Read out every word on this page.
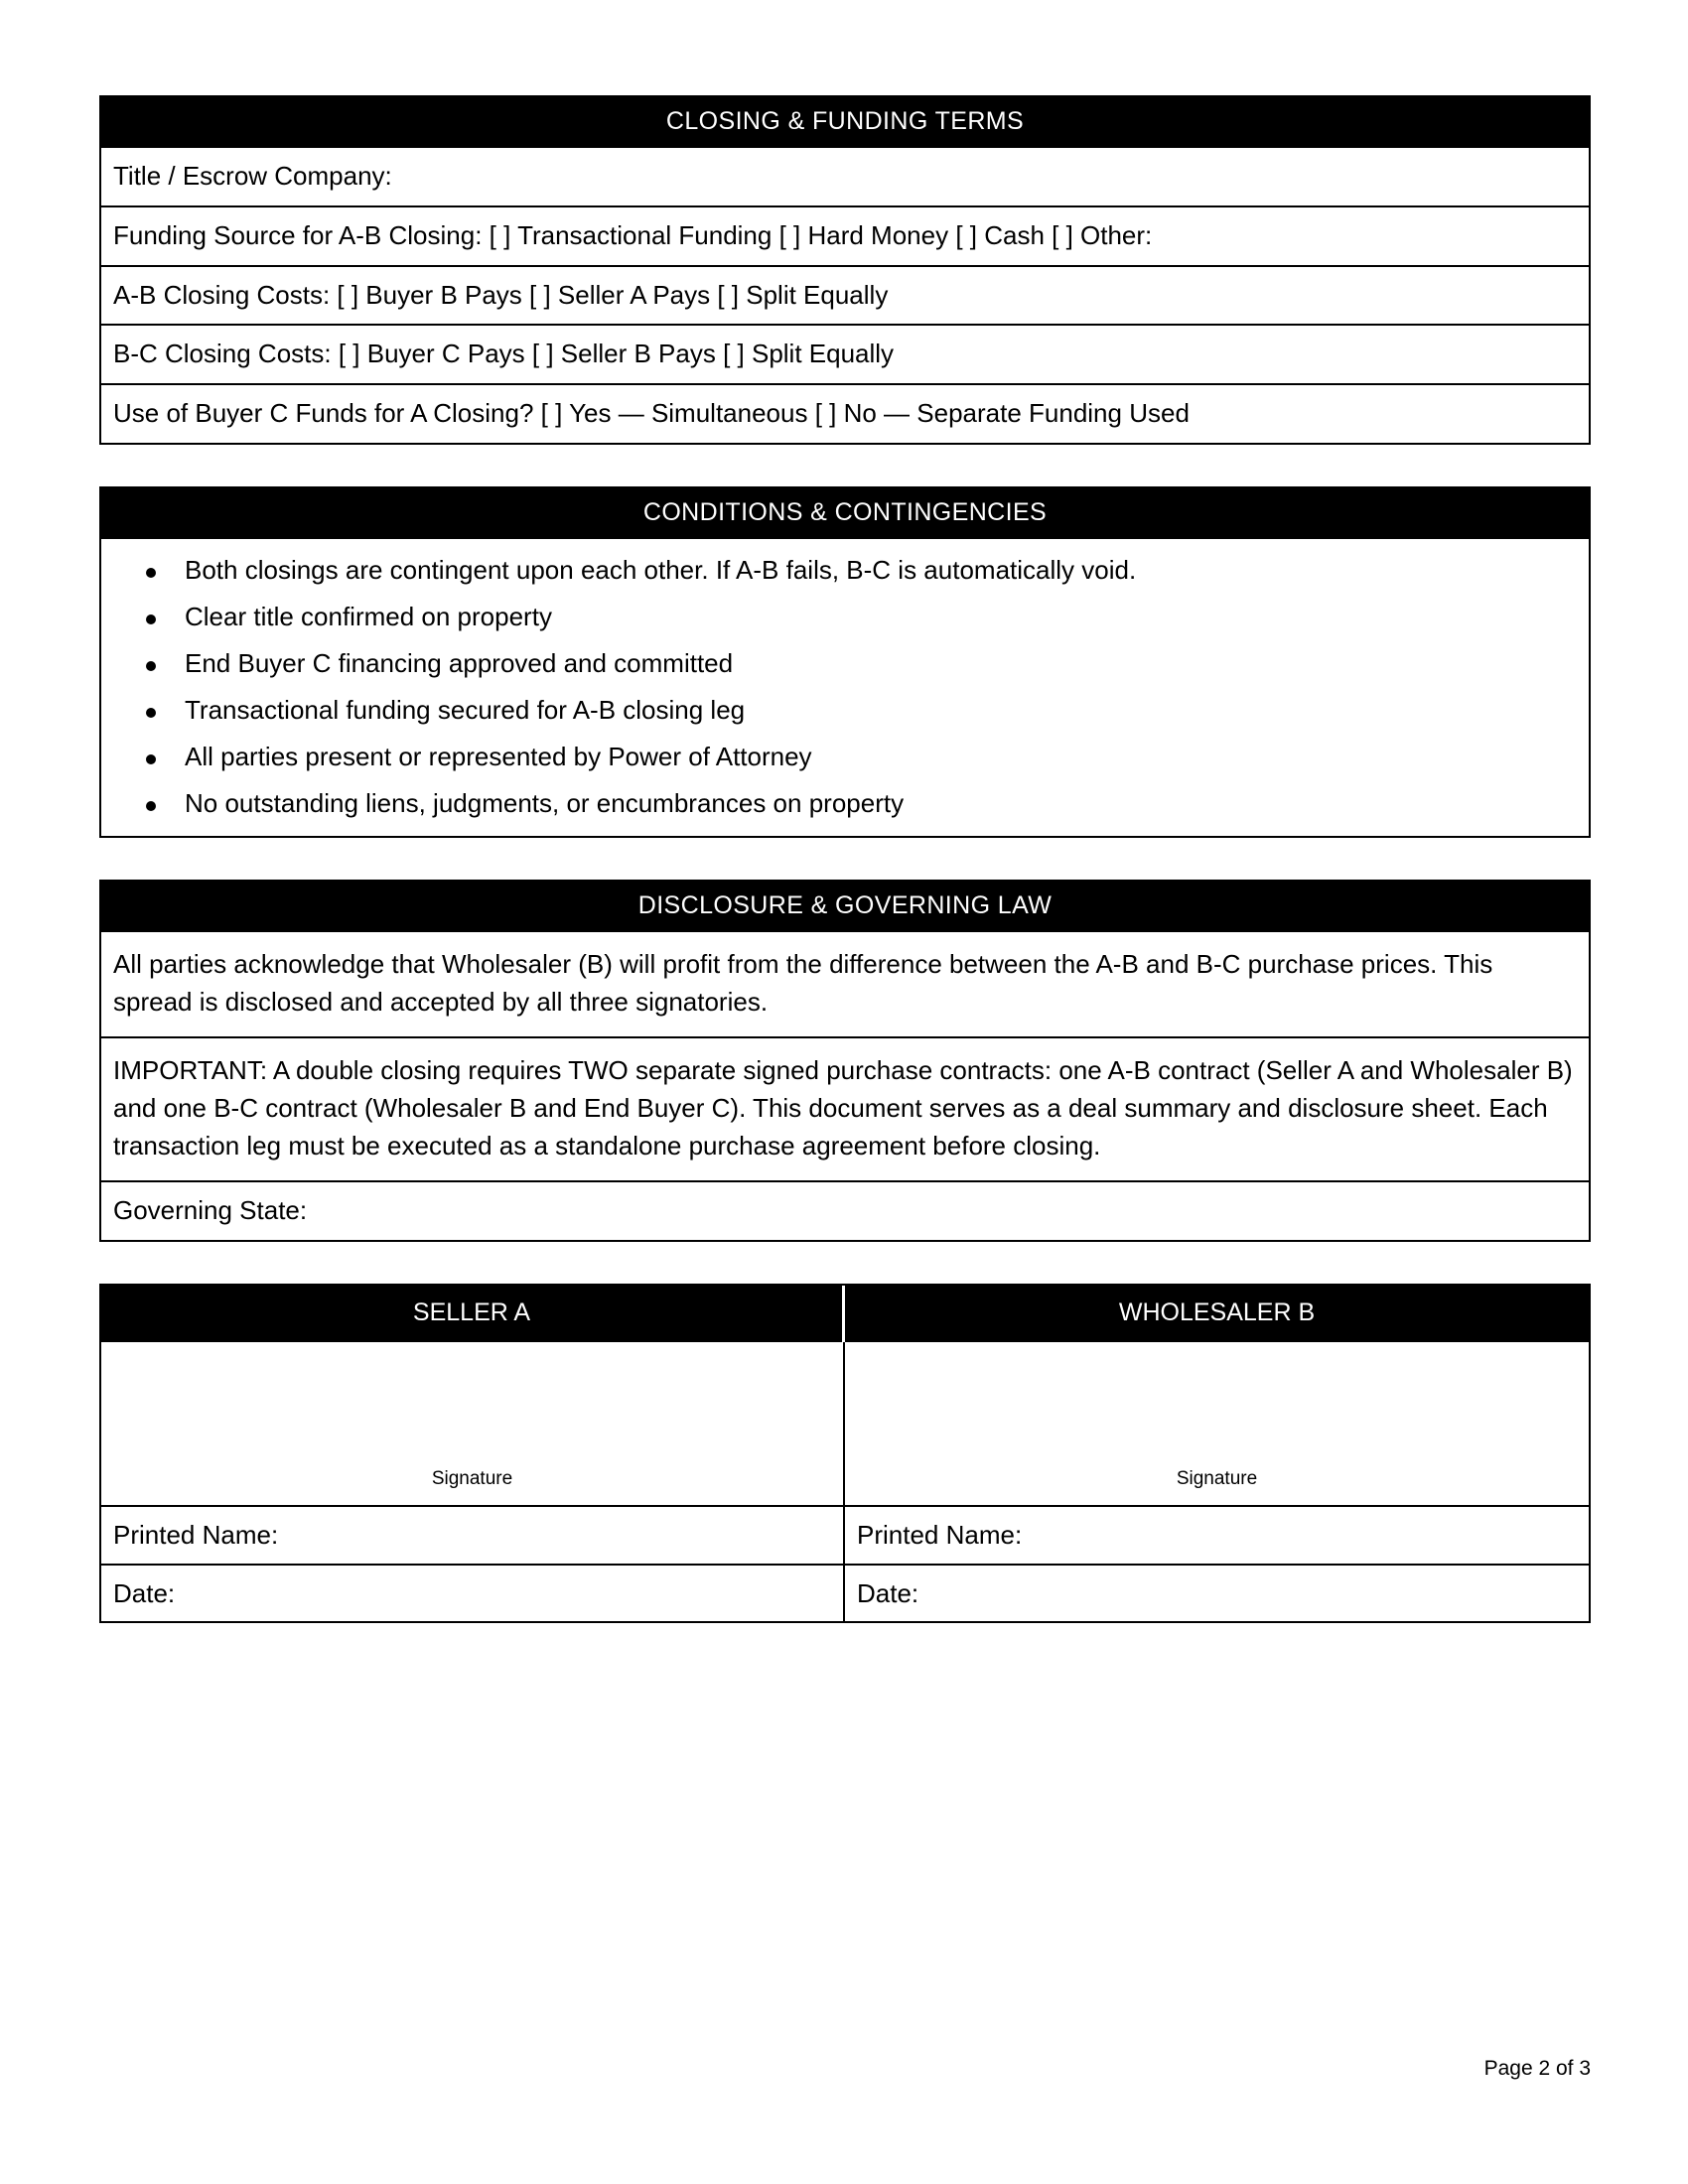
CLOSING & FUNDING TERMS
Title / Escrow Company:
Funding Source for A-B Closing: [ ] Transactional Funding [ ] Hard Money [ ] Cash [ ] Other:
A-B Closing Costs: [ ] Buyer B Pays [ ] Seller A Pays [ ] Split Equally
B-C Closing Costs: [ ] Buyer C Pays [ ] Seller B Pays [ ] Split Equally
Use of Buyer C Funds for A Closing? [ ] Yes — Simultaneous [ ] No — Separate Funding Used
CONDITIONS & CONTINGENCIES
Both closings are contingent upon each other. If A-B fails, B-C is automatically void.
Clear title confirmed on property
End Buyer C financing approved and committed
Transactional funding secured for A-B closing leg
All parties present or represented by Power of Attorney
No outstanding liens, judgments, or encumbrances on property
DISCLOSURE & GOVERNING LAW
All parties acknowledge that Wholesaler (B) will profit from the difference between the A-B and B-C purchase prices. This spread is disclosed and accepted by all three signatories.
IMPORTANT: A double closing requires TWO separate signed purchase contracts: one A-B contract (Seller A and Wholesaler B) and one B-C contract (Wholesaler B and End Buyer C). This document serves as a deal summary and disclosure sheet. Each transaction leg must be executed as a standalone purchase agreement before closing.
Governing State:
SELLER A	WHOLESALER B
Signature	Signature
Printed Name:	Printed Name:
Date:	Date:
Page 2 of 3
